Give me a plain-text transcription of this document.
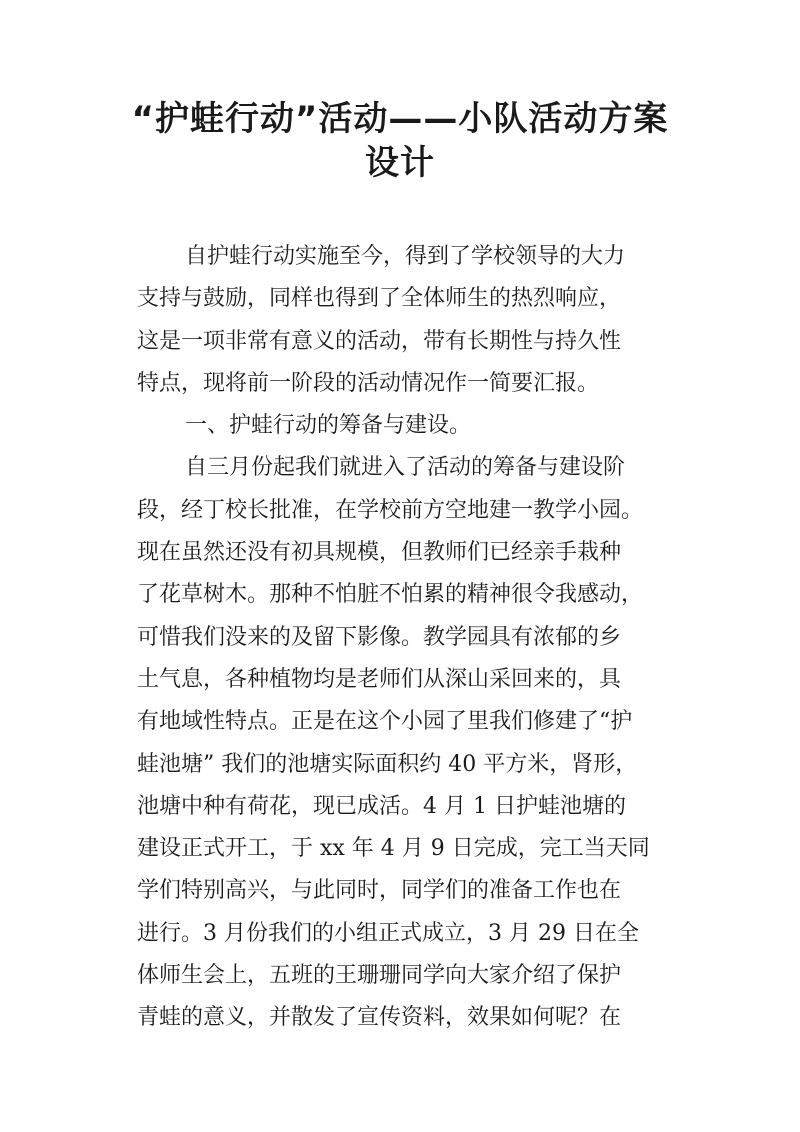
“护蛙行动”活动——小队活动方案
设计
自护蛙行动实施至今，得到了学校领导的大力
支持与鼓励，同样也得到了全体师生的热烈响应，
这是一项非常有意义的活动，带有长期性与持久性
特点，现将前一阶段的活动情况作一简要汇报。
一、护蛙行动的筹备与建设。
自三月份起我们就进入了活动的筹备与建设阶
段，经丁校长批准，在学校前方空地建一教学小园。
现在虽然还没有初具规模，但教师们已经亲手栽种
了花草树木。那种不怕脏不怕累的精神很令我感动，
可惜我们没来的及留下影像。教学园具有浓郁的乡
土气息，各种植物均是老师们从深山采回来的，具
有地域性特点。正是在这个小园了里我们修建了“护
蛙池塘” 我们的池塘实际面积约 40 平方米，肾形，
池塘中种有荷花，现已成活。4 月 1 日护蛙池塘的
建设正式开工，于 xx 年 4 月 9 日完成，完工当天同
学们特别高兴，与此同时，同学们的准备工作也在
进行。3 月份我们的小组正式成立，3 月 29 日在全
体师生会上，五班的王珊珊同学向大家介绍了保护
青蛙的意义，并散发了宣传资料，效果如何呢？在
